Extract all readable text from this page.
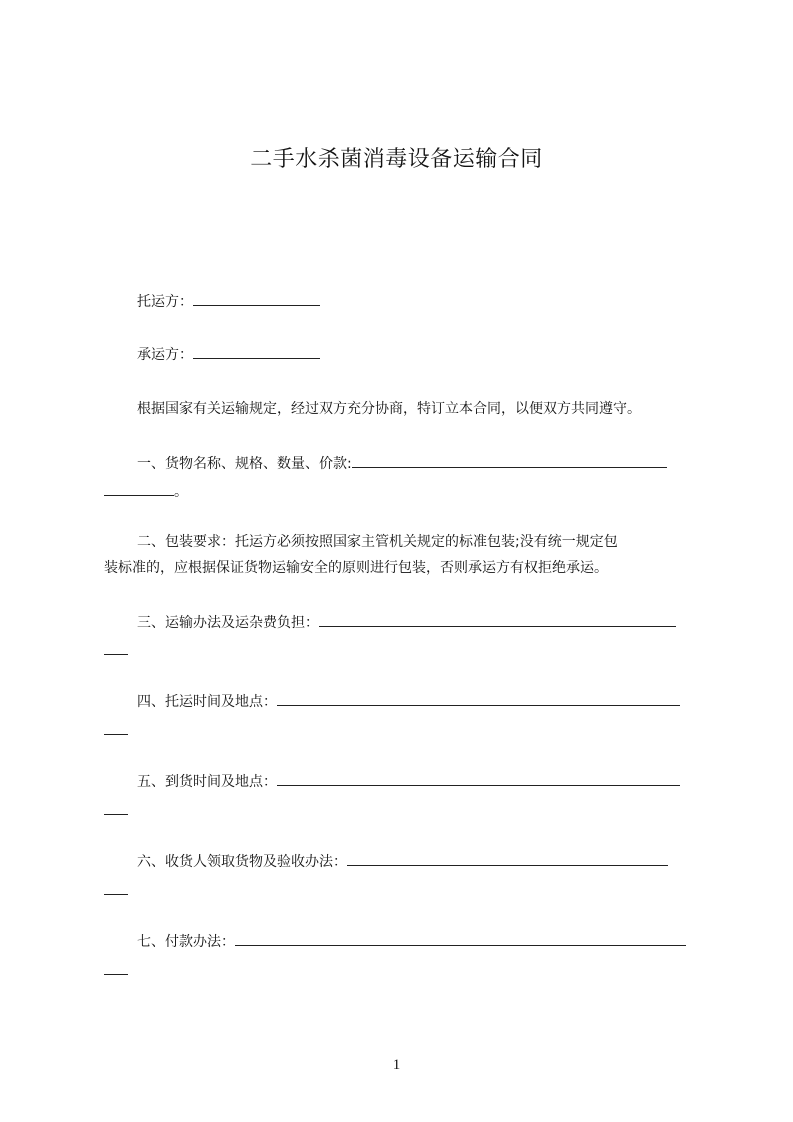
二手水杀菌消毒设备运输合同
托运方：
承运方：
根据国家有关运输规定，经过双方充分协商，特订立本合同，以便双方共同遵守。
一、货物名称、规格、数量、价款:
。
二、包装要求：托运方必须按照国家主管机关规定的标准包装;没有统一规定包
装标准的，应根据保证货物运输安全的原则进行包装，否则承运方有权拒绝承运。
三、运输办法及运杂费负担：
四、托运时间及地点：
五、到货时间及地点：
六、收货人领取货物及验收办法：
七、付款办法：
1
